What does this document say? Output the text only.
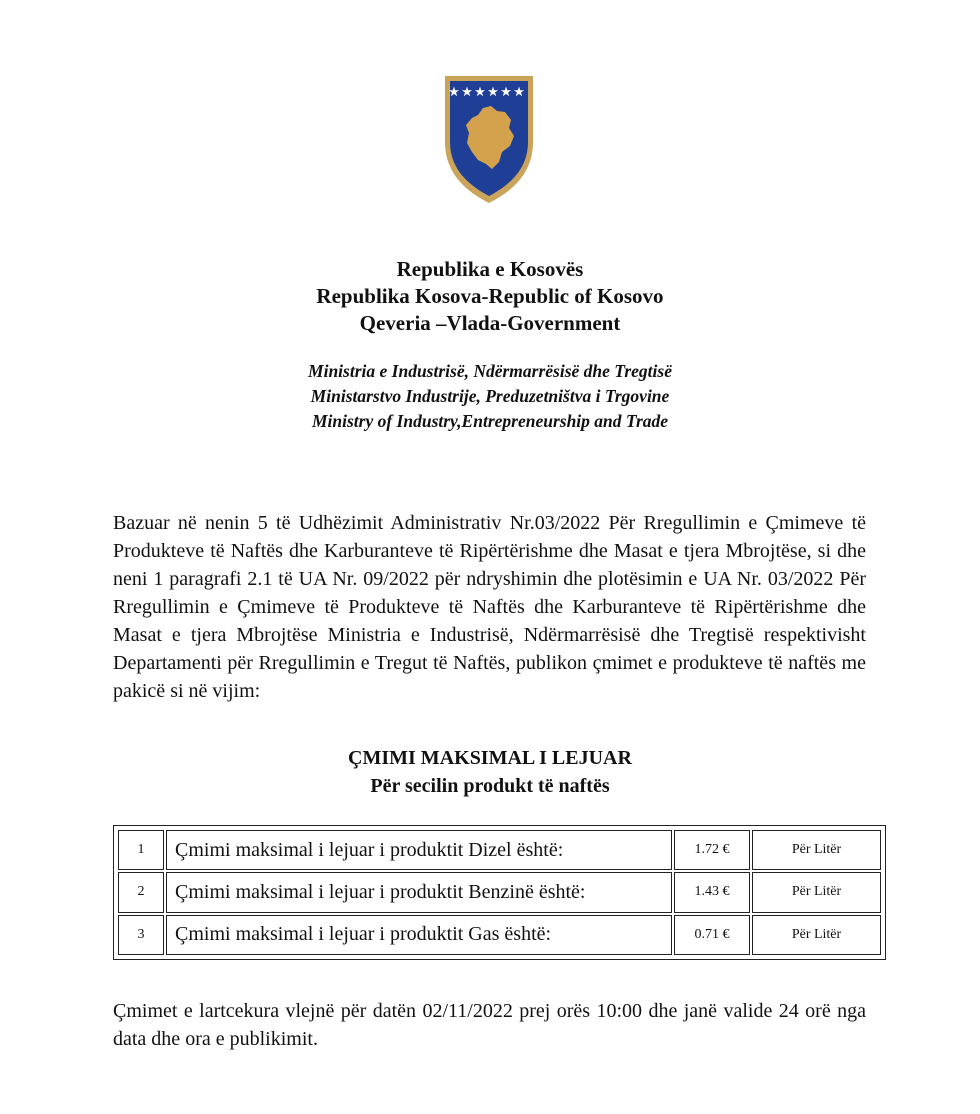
Republika e Kosovës
Republika Kosova-Republic of Kosovo
Qeveria –Vlada-Government
Ministria e Industrisë, Ndërmarrësisë dhe Tregtisë
Ministarstvo Industrije, Preduzetništva i Trgovine
Ministry of Industry,Entrepreneurship and Trade

Bazuar në nenin 5 të Udhëzimit Administrativ Nr.03/2022 Për Rregullimin e Çmimeve të Produkteve të Naftës dhe Karburanteve të Ripërtërishme dhe Masat e tjera Mbrojtëse, si dhe neni 1 paragrafi 2.1 të UA Nr. 09/2022 për ndryshimin dhe plotësimin e UA Nr. 03/2022 Për Rregullimin e Çmimeve të Produkteve të Naftës dhe Karburanteve të Ripërtërishme dhe Masat e tjera Mbrojtëse Ministria e Industrisë, Ndërmarrësisë dhe Tregtisë respektivisht Departamenti për Rregullimin e Tregut të Naftës, publikon çmimet e produkteve të naftës me pakicë si në vijim:

ÇMIMI MAKSIMAL I LEJUAR
Për secilin produkt të naftës
1	Çmimi maksimal i lejuar i produktit Dizel është:	1.72 €	Për Litër
2	Çmimi maksimal i lejuar i produktit Benzinë është:	1.43 €	Për Litër
3	Çmimi maksimal i lejuar i produktit Gas është:	0.71 €	Për Litër

Çmimet e lartcekura vlejnë për datën 02/11/2022 prej orës 10:00 dhe janë valide 24 orë nga data dhe ora e publikimit.
